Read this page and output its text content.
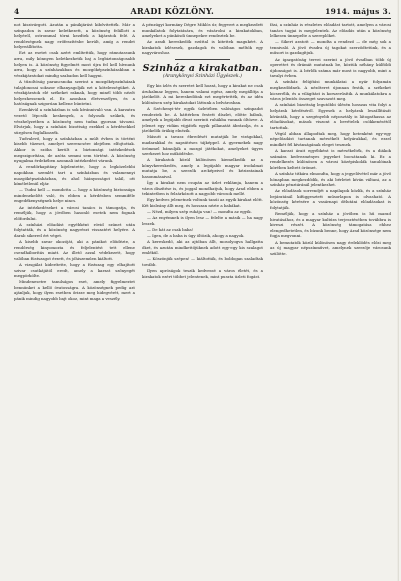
4	ARADI KÖZLÖNY.	1914. május 3.

not kiszivárgott. Azután a pánikjárást kibővitették. Már a színpadon is zavar keletkezett, a közönség felállott a helyéről, ostrommal törni kezdtek a kijáratok felé. A rendőrségnek nagy erőfeszítésbe került, amíg a rendet helyreállította.

Ezt az esetet csak azért említettük, hogy rámutassunk arra, mily könnyen keletkezhetik baj a legbiztonságosabb helyen is. A közönség figyelmét most újra fel kell hívnunk arra, hogy a színházakban és mozgóképszínházakban a vészkijáratokat mindig szabadon kell hagyni.

A tűzoltóság parancsnoka szerint a mozgóképszínházak tulajdonosai sokszor elhanyagolják ezt a kötelességüket. A vészkijáratok elé székeket raknak, hogy minél több nézőt helyezhessenek el. Ez azonban életveszélyes, és a hatóságnak szigorúan kellene büntetni.

Ezenkívül a színházban is sok kívánnivaló van. A karzatra vezető lépcsők keskenyek, a folyosók szűkek, és vészhelyzetben a közönség nem tudna gyorsan távozni. Elvárjuk, hogy a színházi bizottság ezekkel a kérdésekkel sürgősen foglalkozzék.

Tudvalevő, hogy a színházban a múlt évben is történt kisebb tűzeset, amelyet szerencsére idejében elfojtottak. Akkor is szóba került a biztonsági intézkedések megszigorítása, de azóta semmi sem történt. A közönség nyugalma érdekében azonnali intézkedést várunk.

A rendőrkapitány kijelentette, hogy a legközelebbi napokban szemlét tart a színházban és valamennyi mozgóképszínházban, és ahol hiányosságot talál, ott kíméletlenül eljár.

— Tudni kell — mondotta — hogy a közönség biztonsága mindenekelőtt való, és ebben a kérdésben semmiféle engedékenységnek helye nincs.

Az intézkedéseket a városi tanács is támogatja, és reméljük, hogy a jövőben hasonló esetek nem fognak előfordulni.

A színházi előadást egyébként rövid szünet után folytatták, és a közönség nagyrészt visszatért helyére. A darab sikerrel ért véget.

A kisebb zavar okozóját, aki a pánikot előidézte, a rendőrség kinyomozta és feljelentést tett ellene csendháborítás miatt. Az illető azzal védekezett, hogy valóban füstszagot érzett, és jóhiszeműen kiáltott.

A vizsgálat kiderítette, hogy a füstszag egy elhajított szivar csutkájától eredt, amely a karzat szőnyegét megpörkölte.

Mindenesetre tanulságos eset, amely figyelmeztet bennünket a kellő óvatosságra. A közönségnek pedig azt ajánljuk, hogy ilyen esetben őrizze meg hidegvérét, mert a pánik mindig nagyobb bajt okoz, mint maga a veszély.

A pénzügyi kormány Dégre Miklós úr, fegyvert a megkezdett munkálatok folytatására, és vásárolni a kirakatokban, amelyeket a pünkösdi ünnepekre rendeztek be.

Az aradi kereskedők ezúttal is kitettek magukért. A kirakatok ízlésesek, gazdagok és valóban méltók egy nagyvároshoz.

Szinház a kirakatban.
(Aranykönyvi Szinházi Ügyészek.)

Egy kis ízlés és szeretet kell hozzá, hogy a kirakat ne csak áruhalmaz legyen, hanem valami egész, amely megállítja a járókelőt. A mi kereskedőink ezt megértették, és az idén különösen szép kirakatokat láttunk a belvárosban.

A Széchenyi-tér egyik üzletében valóságos színpadot rendeztek be. A háttérben festett díszlet, előtte bábuk, amelyek a legújabb divat szerinti ruhákba vannak öltözve. A jelenet egy vidám vígjáték egyik pillanatát ábrázolja, és a járókelők órákig elnézik.

Másutt a tavasz ébredését mutatják be virágokkal, madarakkal és napsütéses tájképpel. A gyermekek nagy örömmel bámulják a mozgó játékokat, amelyeket ügyes szerkezet hoz működésbe.

A kirakatok közül különösen kiemelkedik az a könyvkereskedés, amely a legújabb magyar irodalmat mutatja be, a szerzők arcképeivel és kéziratainak hasonmásaival.

Így a kirakat nem csupán az üzlet reklámja, hanem a város díszítése is, és joggal mondhatjuk, hogy Arad ebben a tekintetben is felzárkózott a nagyobb városok mellé.

Egy kedves jelenetnek voltunk tanúi az egyik kirakat előtt. Két kisleány állt meg, és hosszan nézte a babákat.

— Nézd, milyen szép ruhája van! — mondta az egyik.

— Az enyémnek is ilyen lesz — felelte a másik — ha nagy leszek.

— De hát az csak baba!

— Igen, de a baba is úgy öltözik, ahogy a nagyok.

A kereskedő, aki az ajtóban állt, mosolyogva hallgatta őket, és azután mindkettőjüknek adott egy-egy kis szalagot emlékül.

— Köszönjük szépen! — kiáltották, és boldogan szaladtak tovább.

Ilyen apróságok teszik kedvessé a város életét, és a kirakatok ezért többet jelentenek, mint puszta üzleti fogást.

fási, a színház is részletes előadást tartott, amelyen a városi tanács tagjai is megjelentek. Az előadás után a közönség lelkesen ünnepelte a szereplőket.

— Sikert aratott — mondta a rendező — de még sok a tennivaló. A jövő évadra új tagokat szerződtetünk, és a műsort is gazdagítjuk.

Az igazgatóság tervei szerint a jövő évadban több új operettet és drámát mutatnak be, köztük néhány külföldi újdonságot is. A bérlők száma már most is nagyobb, mint a tavalyi évben.

A színház felújítási munkálatai a nyár folyamán megkezdődnek. A nézőteret újonnan festik, a székeket kicserélik, és a világítást is korszerűsítik. A munkálatokra a város jelentős összeget szavazott meg.

A színházi bizottság legutóbbi ülésén hosszas vita folyt a helyárak kérdéséről. Egyesek a helyárak leszállítását kívánták, hogy a szegényebb néposztály is látogathassa az előadásokat, mások viszont a bevételek csökkenésétől tartottak.

Végül abban állapodtak meg, hogy hetenként egy-egy népelőadást tartanak mérsékelt helyárakkal, és ezzel mindkét fél kívánságának eleget tesznek.

A karzat árait egyébként is mérsékelték, és a diákok számára kedvezményes jegyeket bocsátanak ki. Ez a rendelkezés különösen a városi középiskolák tanulóinak körében keltett örömet.

A színház titkára elmondta, hogy a jegyelővétel már a jövő hónapban megkezdődik, és aki bérletet kíván váltani, az a színház pénztáránál jelentkezhet.

Az előadások sorrendjét a napilapok közlik, és a színház bejáratánál kifüggesztett műsorlapon is olvasható. A közönség kérésére a vasárnapi délutáni előadásokat is folytatják.

Reméljük, hogy a színház a jövőben is hű marad hivatásához, és a magyar kultúra terjesztésében továbbra is kiveszi részét. A közönség támogatása ehhez elengedhetetlen, és bízunk benne, hogy Arad közönsége nem fogja megvonni.

A bemutatók közül különösen nagy érdeklődés előzi meg az új magyar népszínművet, amelynek szerzője városunk szülötte.
